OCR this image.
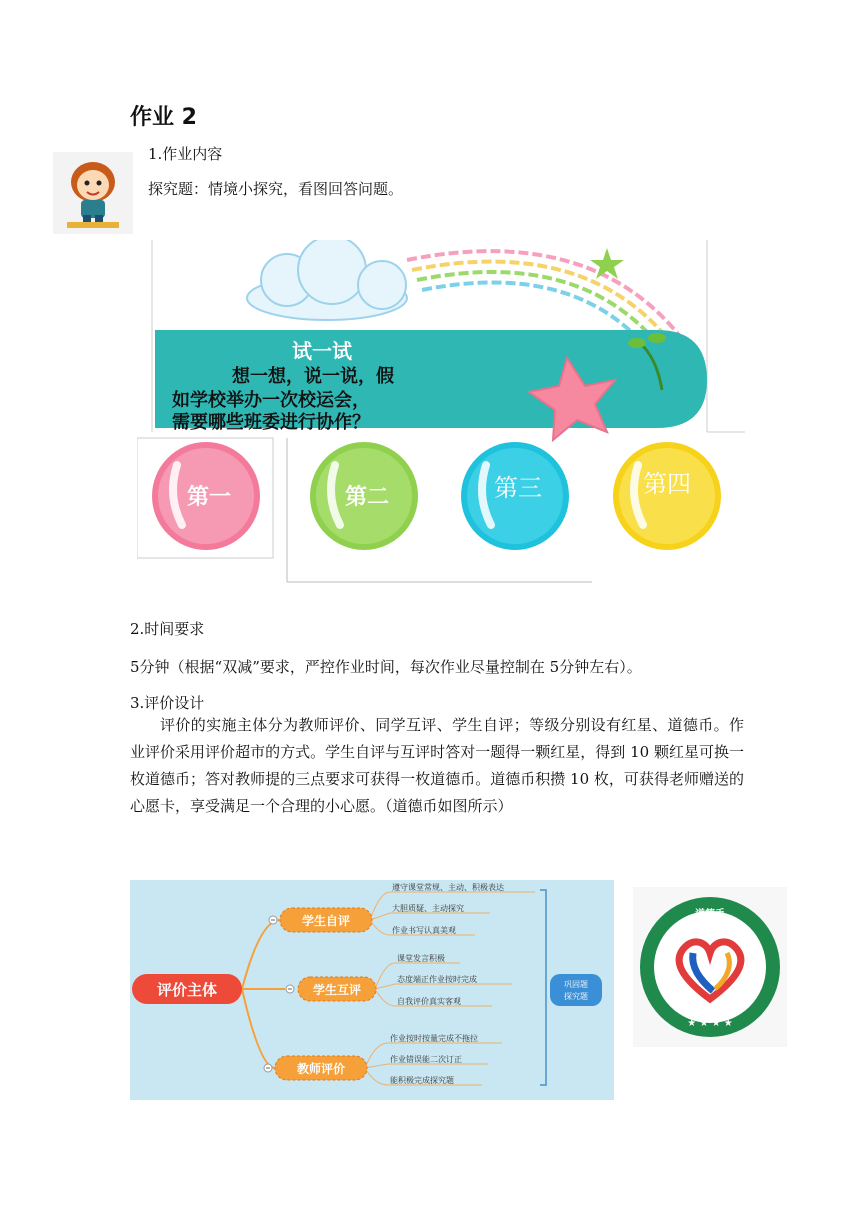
作业 2
1.作业内容
探究题：情境小探究，看图回答问题。
试一试
想一想，说一说，假
如学校举办一次校运会，
需要哪些班委进行协作？
第一	第二	第三	第四
2.时间要求
5分钟（根据“双减”要求，严控作业时间，每次作业尽量控制在 5分钟左右）。
3.评价设计
评价的实施主体分为教师评价、同学互评、学生自评；等级分别设有红星、道德币。作业评价采用评价超市的方式。学生自评与互评时答对一题得一颗红星，得到 10 颗红星可换一枚道德币；答对教师提的三点要求可获得一枚道德币。道德币积攒 10 枚，可获得老师赠送的心愿卡，享受满足一个合理的小心愿。（道德币如图所示）
评价主体
学生自评
学生互评
教师评价
遵守课堂常规、主动、积极表达
大胆质疑、主动探究
作业书写认真美观
课堂发言积极
态度端正作业按时完成
自我评价真实客观
作业按时按量完成不拖拉
作业错误能二次订正
能积极完成探究题
巩固题
探究题
道德币
★ ★ ★ ★
